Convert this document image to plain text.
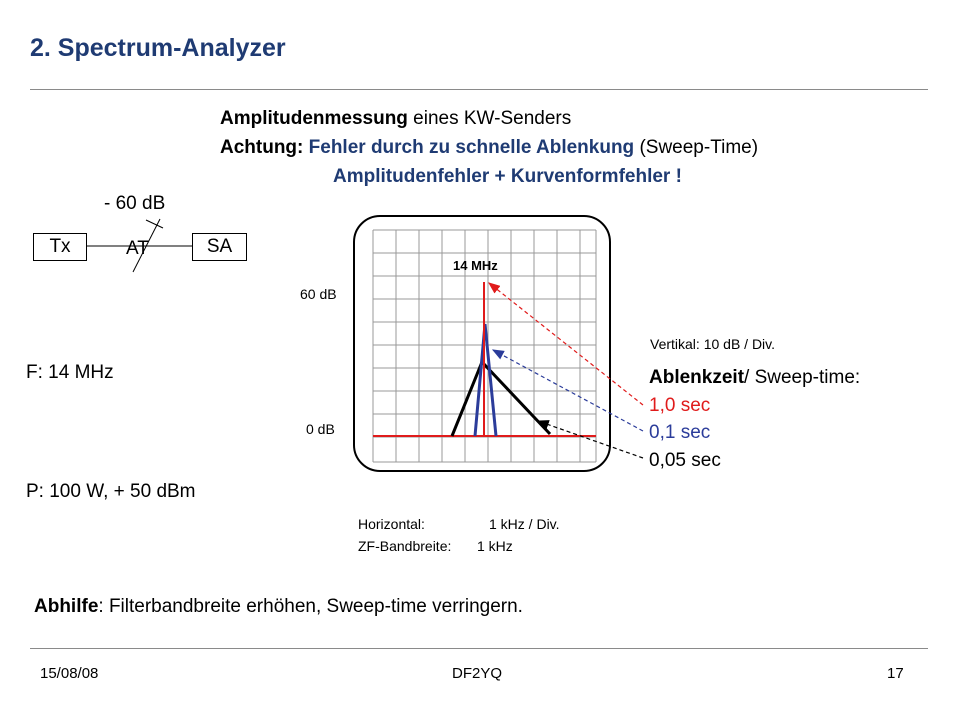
2. Spectrum-Analyzer
Amplitudenmessung eines KW-Senders
Achtung: Fehler durch zu schnelle Ablenkung (Sweep-Time)
Amplitudenfehler + Kurvenformfehler !
- 60 dB
Tx	SA
AT
F: 14 MHz
P: 100 W, + 50 dBm
14 MHz
60 dB
0 dB
Vertikal: 10 dB / Div.
Ablenkzeit/ Sweep-time:
1,0 sec
0,1 sec
0,05 sec
Horizontal:	1 kHz / Div.
ZF-Bandbreite: 1 kHz
Abhilfe: Filterbandbreite erhöhen, Sweep-time verringern.
15/08/08	DF2YQ	17
